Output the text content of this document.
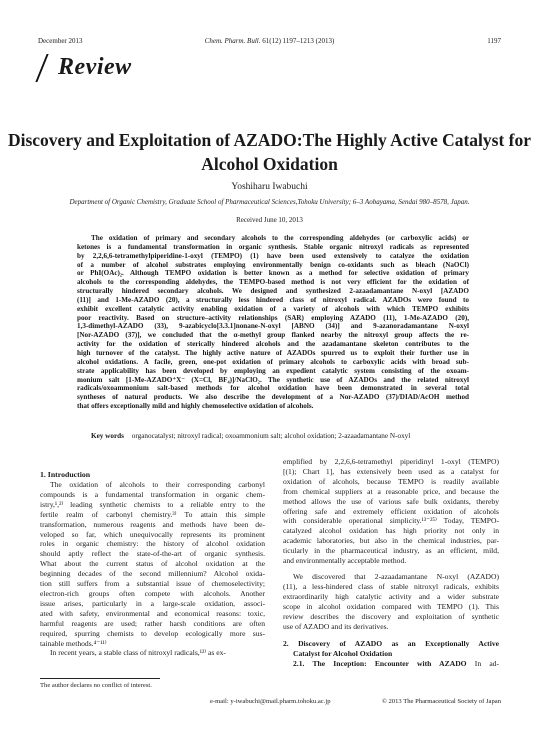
December 2013	Chem. Pharm. Bull. 61(12) 1197–1213 (2013)	1197
Review
Discovery and Exploitation of AZADO:The Highly Active Catalyst for Alcohol Oxidation
Yoshiharu Iwabuchi
Department of Organic Chemistry, Graduate School of Pharmaceutical Sciences,Tohoku University; 6–3 Aobayama, Sendai 980–8578, Japan.
Received June 10, 2013
The oxidation of primary and secondary alcohols to the corresponding aldehydes (or carboxylic acids) or
ketones is a fundamental transformation in organic synthesis. Stable organic nitroxyl radicals as represented
by 2,2,6,6-tetramethylpiperidine-1-oxyl (TEMPO) (1) have been used extensively to catalyze the oxidation
of a number of alcohol substrates employing environmentally benign co-oxidants such as bleach (NaOCl)
or PhI(OAc)₂. Although TEMPO oxidation is better known as a method for selective oxidation of primary
alcohols to the corresponding aldehydes, the TEMPO-based method is not very efficient for the oxidation of
structurally hindered secondary alcohols. We designed and synthesized 2-azaadamantane N-oxyl [AZADO
(11)] and 1-Me-AZADO (20), a structurally less hindered class of nitroxyl radical. AZADOs were found to
exhibit excellent catalytic activity enabling oxidation of a variety of alcohols with which TEMPO exhibits
poor reactivity. Based on structure–activity relationships (SAR) employing AZADO (11), 1-Me-AZADO (20),
1,3-dimethyl-AZADO (33), 9-azabicyclo[3.3.1]nonane-N-oxyl [ABNO (34)] and 9-azanoradamantane N-oxyl
[Nor-AZADO (37)], we concluded that the α-methyl group flanked nearby the nitroxyl group affects the re-
activity for the oxidation of sterically hindered alcohols and the azadamantane skeleton contributes to the
high turnover of the catalyst. The highly active nature of AZADOs spurred us to exploit their further use in
alcohol oxidations. A facile, green, one-pot oxidation of primary alcohols to carboxylic acids with broad sub-
strate applicability has been developed by employing an expedient catalytic system consisting of the oxoam-
monium salt [1-Me-AZADO⁺X⁻ (X=Cl, BF₄)]/NaClO₂. The synthetic use of AZADOs and the related nitroxyl
radicals/oxoammonium salt-based methods for alcohol oxidation have been demonstrated in several total
syntheses of natural products. We also describe the development of a Nor-AZADO (37)/DIAD/AcOH method
that offers exceptionally mild and highly chemoselective oxidation of alcohols.
Key words organocatalyst; nitroxyl radical; oxoammonium salt; alcohol oxidation; 2-azaadamantane N-oxyl
1. Introduction
The oxidation of alcohols to their corresponding carbonyl
compounds is a fundamental transformation in organic chem-
istry,¹,²⁾ leading synthetic chemists to a reliable entry to the
fertile realm of carbonyl chemistry.³⁾ To attain this simple
transformation, numerous reagents and methods have been de-
veloped so far, which unequivocally represents its prominent
roles in organic chemistry: the history of alcohol oxidation
should aptly reflect the state-of-the-art of organic synthesis.
What about the current status of alcohol oxidation at the
beginning decades of the second millennium? Alcohol oxida-
tion still suffers from a substantial issue of chemoselectivity;
electron-rich groups often compete with alcohols. Another
issue arises, particularly in a large-scale oxidation, associ-
ated with safety, environmental and economical reasons: toxic,
harmful reagents are used; rather harsh conditions are often
required, spurring chemists to develop ecologically more sus-
tainable methods.⁴⁻¹¹⁾
In recent years, a stable class of nitroxyl radicals,¹²⁾ as ex-
emplified by 2,2,6,6-tetramethyl piperidinyl 1-oxyl (TEMPO)
[(1); Chart 1], has extensively been used as a catalyst for
oxidation of alcohols, because TEMPO is readily available
from chemical suppliers at a reasonable price, and because the
method allows the use of various safe bulk oxidants, thereby
offering safe and extremely efficient oxidation of alcohols
with considerable operational simplicity.¹³⁻²⁵⁾ Today, TEMPO-
catalyzed alcohol oxidation has high priority not only in
academic laboratories, but also in the chemical industries, par-
ticularly in the pharmaceutical industry, as an efficient, mild,
and environmentally acceptable method.
We discovered that 2-azaadamantane N-oxyl (AZADO)
(11), a less-hindered class of stable nitroxyl radicals, exhibits
extraordinarily high catalytic activity and a wider substrate
scope in alcohol oxidation compared with TEMPO (1). This
review describes the discovery and exploitation of synthetic
use of AZADO and its derivatives.
2. Discovery of AZADO as an Exceptionally Active
Catalyst for Alcohol Oxidation
2.1. The Inception: Encounter with AZADO In ad-
The author declares no conflict of interest.
e-mail: y-iwabuchi@mail.pharm.tohoku.ac.jp	© 2013 The Pharmaceutical Society of Japan
